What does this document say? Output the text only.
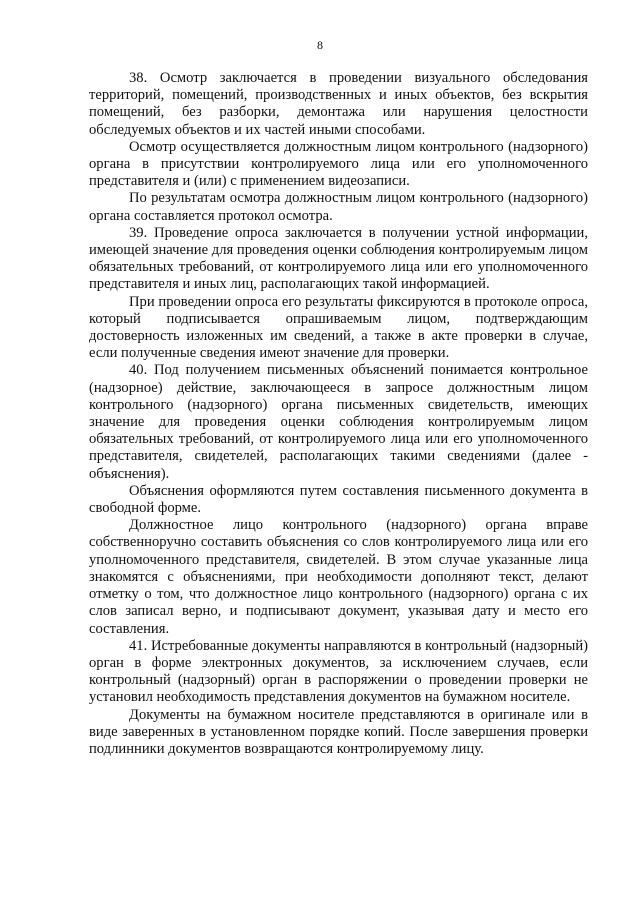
8

38. Осмотр заключается в проведении визуального обследования территорий, помещений, производственных и иных объектов, без вскрытия помещений, без разборки, демонтажа или нарушения целостности обследуемых объектов и их частей иными способами.

Осмотр осуществляется должностным лицом контрольного (надзорного) органа в присутствии контролируемого лица или его уполномоченного представителя и (или) с применением видеозаписи.

По результатам осмотра должностным лицом контрольного (надзорного) органа составляется протокол осмотра.

39. Проведение опроса заключается в получении устной информации, имеющей значение для проведения оценки соблюдения контролируемым лицом обязательных требований, от контролируемого лица или его уполномоченного представителя и иных лиц, располагающих такой информацией.

При проведении опроса его результаты фиксируются в протоколе опроса, который подписывается опрашиваемым лицом, подтверждающим достоверность изложенных им сведений, а также в акте проверки в случае, если полученные сведения имеют значение для проверки.

40. Под получением письменных объяснений понимается контрольное (надзорное) действие, заключающееся в запросе должностным лицом контрольного (надзорного) органа письменных свидетельств, имеющих значение для проведения оценки соблюдения контролируемым лицом обязательных требований, от контролируемого лица или его уполномоченного представителя, свидетелей, располагающих такими сведениями (далее - объяснения).

Объяснения оформляются путем составления письменного документа в свободной форме.

Должностное лицо контрольного (надзорного) органа вправе собственноручно составить объяснения со слов контролируемого лица или его уполномоченного представителя, свидетелей. В этом случае указанные лица знакомятся с объяснениями, при необходимости дополняют текст, делают отметку о том, что должностное лицо контрольного (надзорного) органа с их слов записал верно, и подписывают документ, указывая дату и место его составления.

41. Истребованные документы направляются в контрольный (надзорный) орган в форме электронных документов, за исключением случаев, если контрольный (надзорный) орган в распоряжении о проведении проверки не установил необходимость представления документов на бумажном носителе.

Документы на бумажном носителе представляются в оригинале или в виде заверенных в установленном порядке копий. После завершения проверки подлинники документов возвращаются контролируемому лицу.
